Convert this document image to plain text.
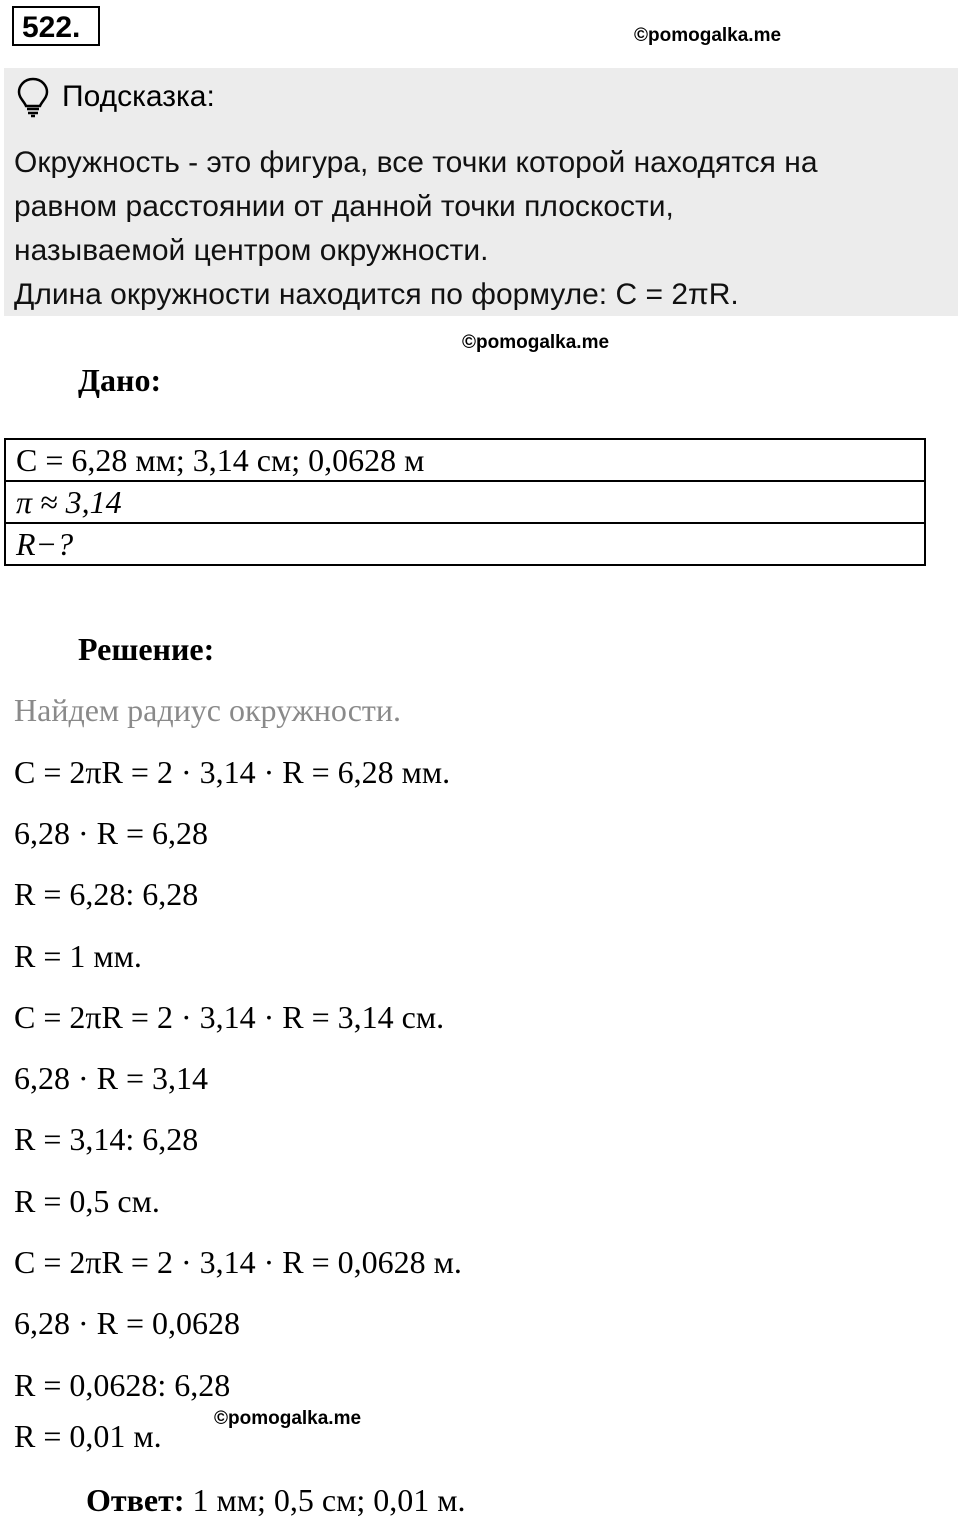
522.	©pomogalka.me
Подсказка:
Окружность - это фигура, все точки которой находятся на
равном расстоянии от данной точки плоскости,
называемой центром окружности.
Длина окружности находится по формуле: С = 2πR.
©pomogalka.me
Дано:
С = 6,28 мм; 3,14 см; 0,0628 м
π ≈ 3,14
R−?
Решение:
Найдем радиус окружности.
С = 2πR = 2 · 3,14 · R = 6,28 мм.
6,28 · R = 6,28
R = 6,28: 6,28
R = 1 мм.
С = 2πR = 2 · 3,14 · R = 3,14 см.
6,28 · R = 3,14
R = 3,14: 6,28
R = 0,5 см.
С = 2πR = 2 · 3,14 · R = 0,0628 м.
6,28 · R = 0,0628
R = 0,0628: 6,28
R = 0,01 м.	©pomogalka.me
Ответ: 1 мм; 0,5 см; 0,01 м.
